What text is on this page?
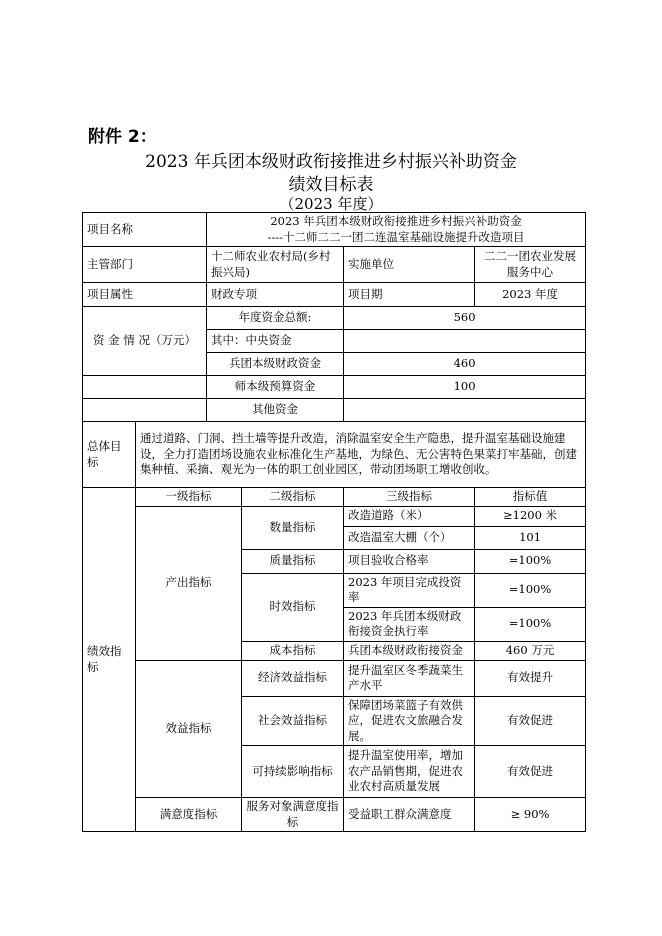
附件 2：
2023 年兵团本级财政衔接推进乡村振兴补助资金
绩效目标表
（2023 年度）
项目名称		2023 年兵团本级财政衔接推进乡村振兴补助资金
----十二师二二一团二连温室基础设施提升改造项目			

主管部门		十二师农业农村局(乡村振兴局)		实施单位	二二一团农业发展服务中心
项目属性		财政专项		项目期	2023 年度
资 金 情 况（万元）		年度资金总额:		560	
		其中：中央资金			
		兵团本级财政资金		460	
		师本级预算资金		100	
		其他资金			
总体目标	通过道路、门洞、挡土墙等提升改造，消除温室安全生产隐患，提升温室基础设施建设，全力打造团场设施农业标准化生产基地，为绿色、无公害特色果菜打牢基础，创建集种植、采摘、观光为一体的职工创业园区，带动团场职工增收创收。				
绩效指标	一级指标		二级指标	三级指标	指标值
	产出指标		数量指标	改造道路（米）	≥1200 米
				改造温室大棚（个）	101
			质量指标	项目验收合格率	=100%
			时效指标	2023 年项目完成投资率	=100%
				2023 年兵团本级财政衔接资金执行率	=100%
			成本指标	兵团本级财政衔接资金	460 万元
	效益指标		经济效益指标	提升温室区冬季蔬菜生产水平	有效提升
			社会效益指标	保障团场菜篮子有效供应，促进农文旅融合发展。	有效促进
			可持续影响指标	提升温室使用率，增加农产品销售期，促进农业农村高质量发展	有效促进
	满意度指标		服务对象满意度指标	受益职工群众满意度	≥ 90%
